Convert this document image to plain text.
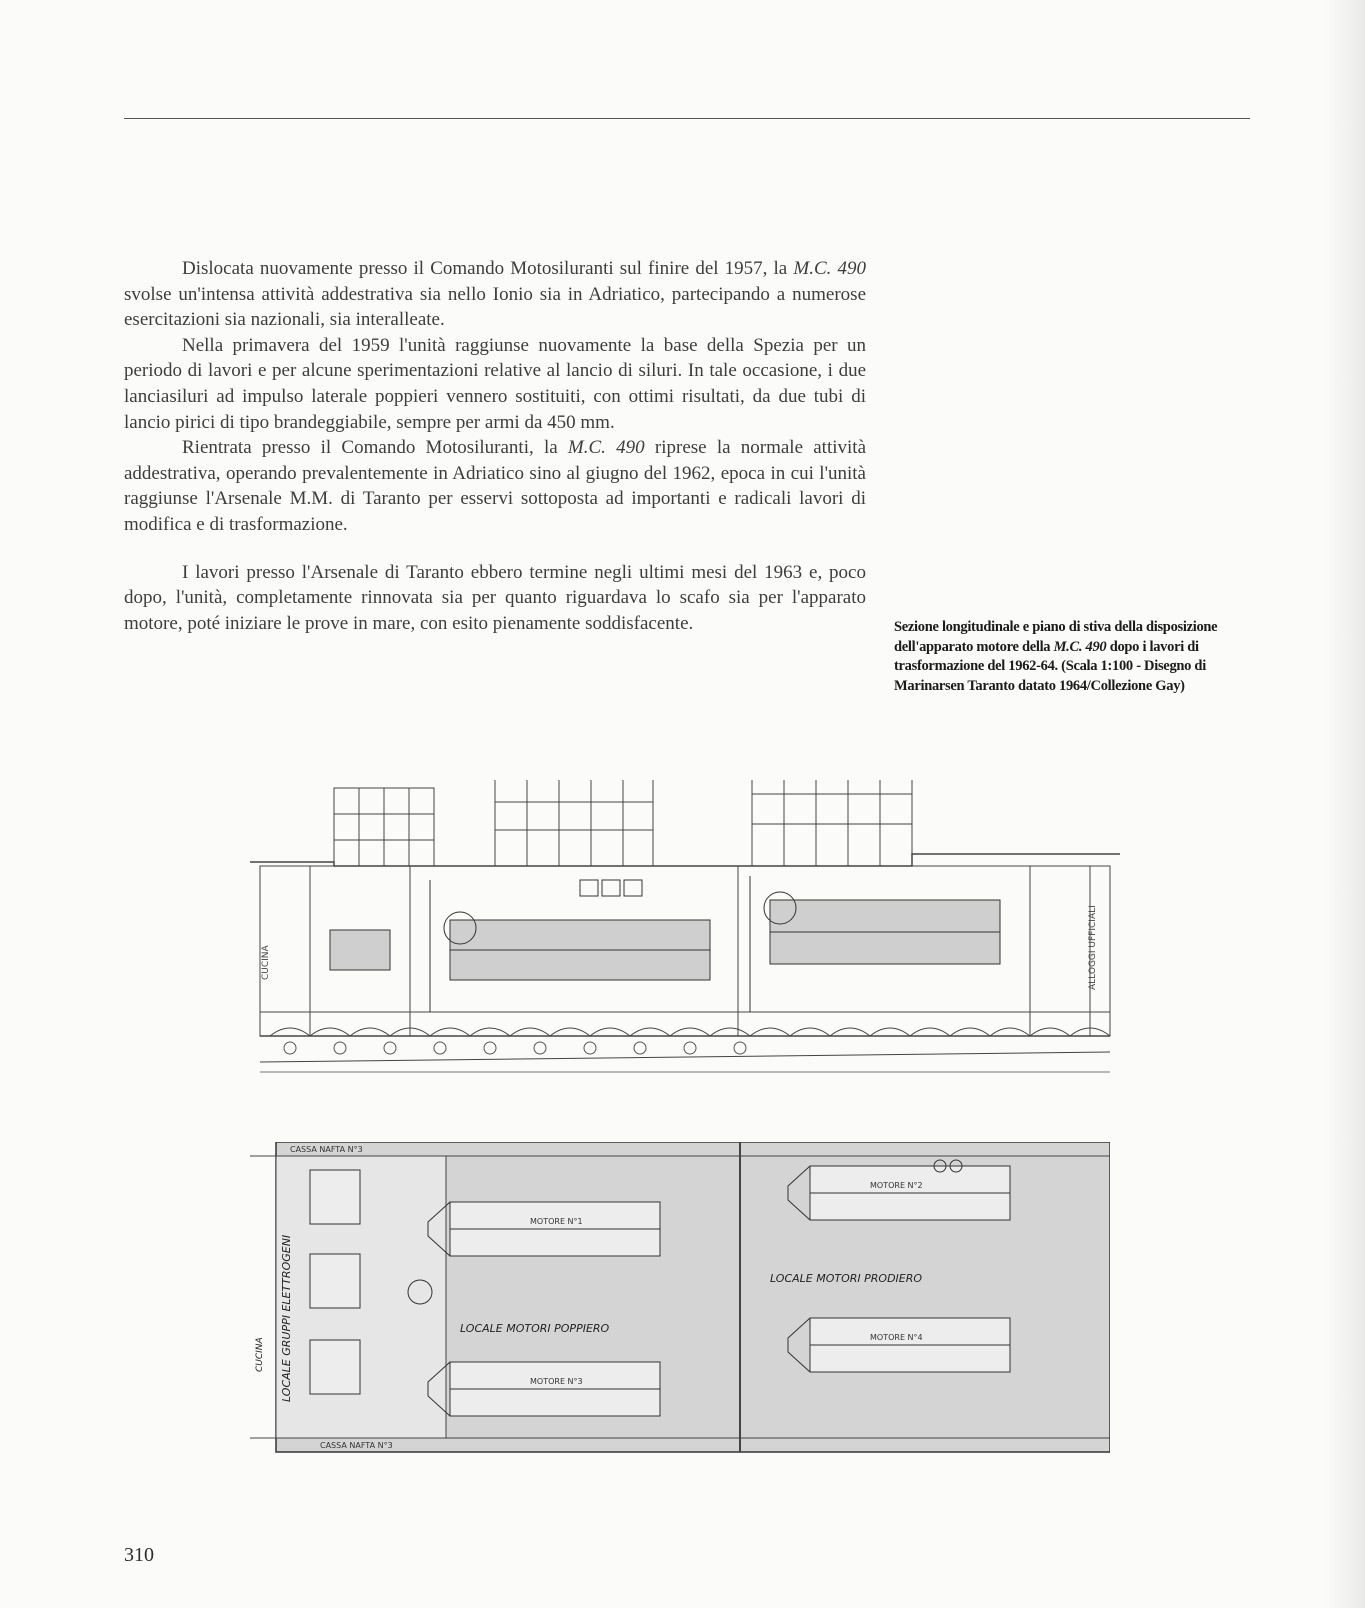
Dislocata nuovamente presso il Comando Motosiluranti sul finire del 1957, la M.C. 490 svolse un'intensa attività addestrativa sia nello Ionio sia in Adriatico, partecipando a numerose esercitazioni sia nazionali, sia interalleate.

Nella primavera del 1959 l'unità raggiunse nuovamente la base della Spezia per un periodo di lavori e per alcune sperimentazioni relative al lancio di siluri. In tale occasione, i due lanciasiluri ad impulso laterale poppieri vennero sostituiti, con ottimi risultati, da due tubi di lancio pirici di tipo brandeggiabile, sempre per armi da 450 mm.

Rientrata presso il Comando Motosiluranti, la M.C. 490 riprese la normale attività addestrativa, operando prevalentemente in Adriatico sino al giugno del 1962, epoca in cui l'unità raggiunse l'Arsenale M.M. di Taranto per esservi sottoposta ad importanti e radicali lavori di modifica e di trasformazione.

I lavori presso l'Arsenale di Taranto ebbero termine negli ultimi mesi del 1963 e, poco dopo, l'unità, completamente rinnovata sia per quanto riguardava lo scafo sia per l'apparato motore, poté iniziare le prove in mare, con esito pienamente soddisfacente.	Sezione longitudinale e piano di stiva della disposizione dell'apparato motore della M.C. 490 dopo i lavori di trasformazione del 1962-64. (Scala 1:100 - Disegno di Marinarsen Taranto datato 1964/Collezione Gay)
CUCINA	ALLOGGI UFFICIALI
MOTORE N°1
MOTORE N°3
MOTORE N°2
MOTORE N°4
CASSA NAFTA N°3
CASSA NAFTA N°3
LOCALE MOTORI POPPIERO
LOCALE MOTORI PRODIERO
LOCALE GRUPPI ELETTROGENI
CUCINA
310
